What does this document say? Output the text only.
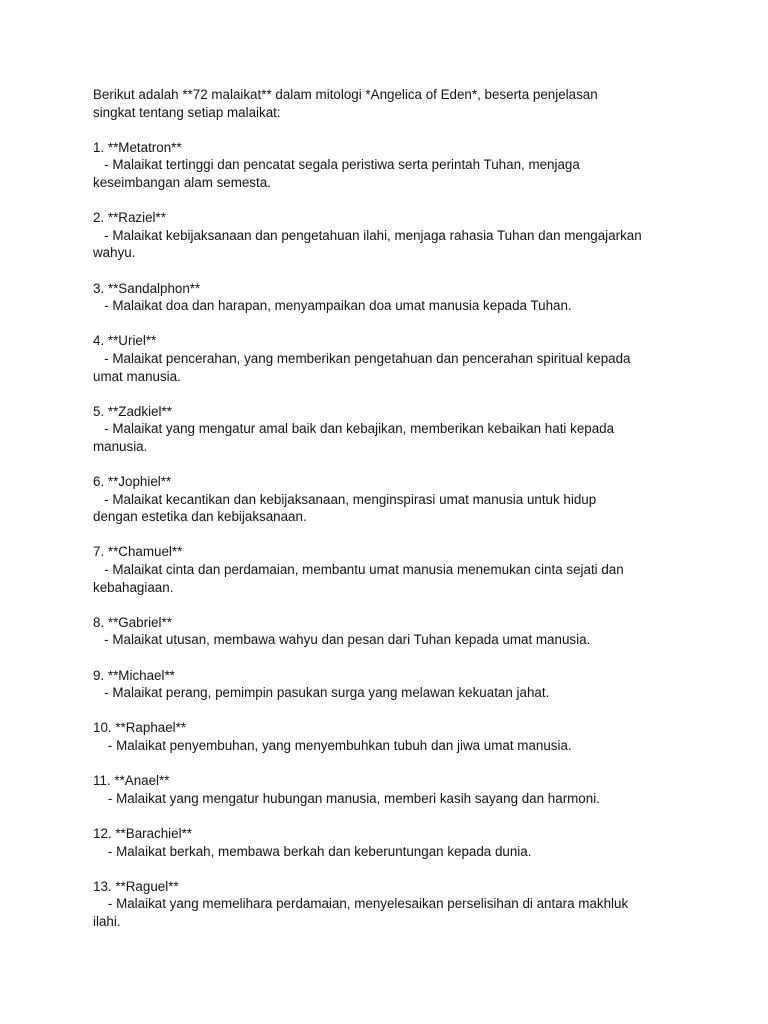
Berikut adalah **72 malaikat** dalam mitologi *Angelica of Eden*, beserta penjelasan
singkat tentang setiap malaikat:
1. **Metatron**
- Malaikat tertinggi dan pencatat segala peristiwa serta perintah Tuhan, menjaga
keseimbangan alam semesta.
2. **Raziel**
- Malaikat kebijaksanaan dan pengetahuan ilahi, menjaga rahasia Tuhan dan mengajarkan
wahyu.
3. **Sandalphon**
- Malaikat doa dan harapan, menyampaikan doa umat manusia kepada Tuhan.
4. **Uriel**
- Malaikat pencerahan, yang memberikan pengetahuan dan pencerahan spiritual kepada
umat manusia.
5. **Zadkiel**
- Malaikat yang mengatur amal baik dan kebajikan, memberikan kebaikan hati kepada
manusia.
6. **Jophiel**
- Malaikat kecantikan dan kebijaksanaan, menginspirasi umat manusia untuk hidup
dengan estetika dan kebijaksanaan.
7. **Chamuel**
- Malaikat cinta dan perdamaian, membantu umat manusia menemukan cinta sejati dan
kebahagiaan.
8. **Gabriel**
- Malaikat utusan, membawa wahyu dan pesan dari Tuhan kepada umat manusia.
9. **Michael**
- Malaikat perang, pemimpin pasukan surga yang melawan kekuatan jahat.
10. **Raphael**
- Malaikat penyembuhan, yang menyembuhkan tubuh dan jiwa umat manusia.
11. **Anael**
- Malaikat yang mengatur hubungan manusia, memberi kasih sayang dan harmoni.
12. **Barachiel**
- Malaikat berkah, membawa berkah dan keberuntungan kepada dunia.
13. **Raguel**
- Malaikat yang memelihara perdamaian, menyelesaikan perselisihan di antara makhluk
ilahi.
